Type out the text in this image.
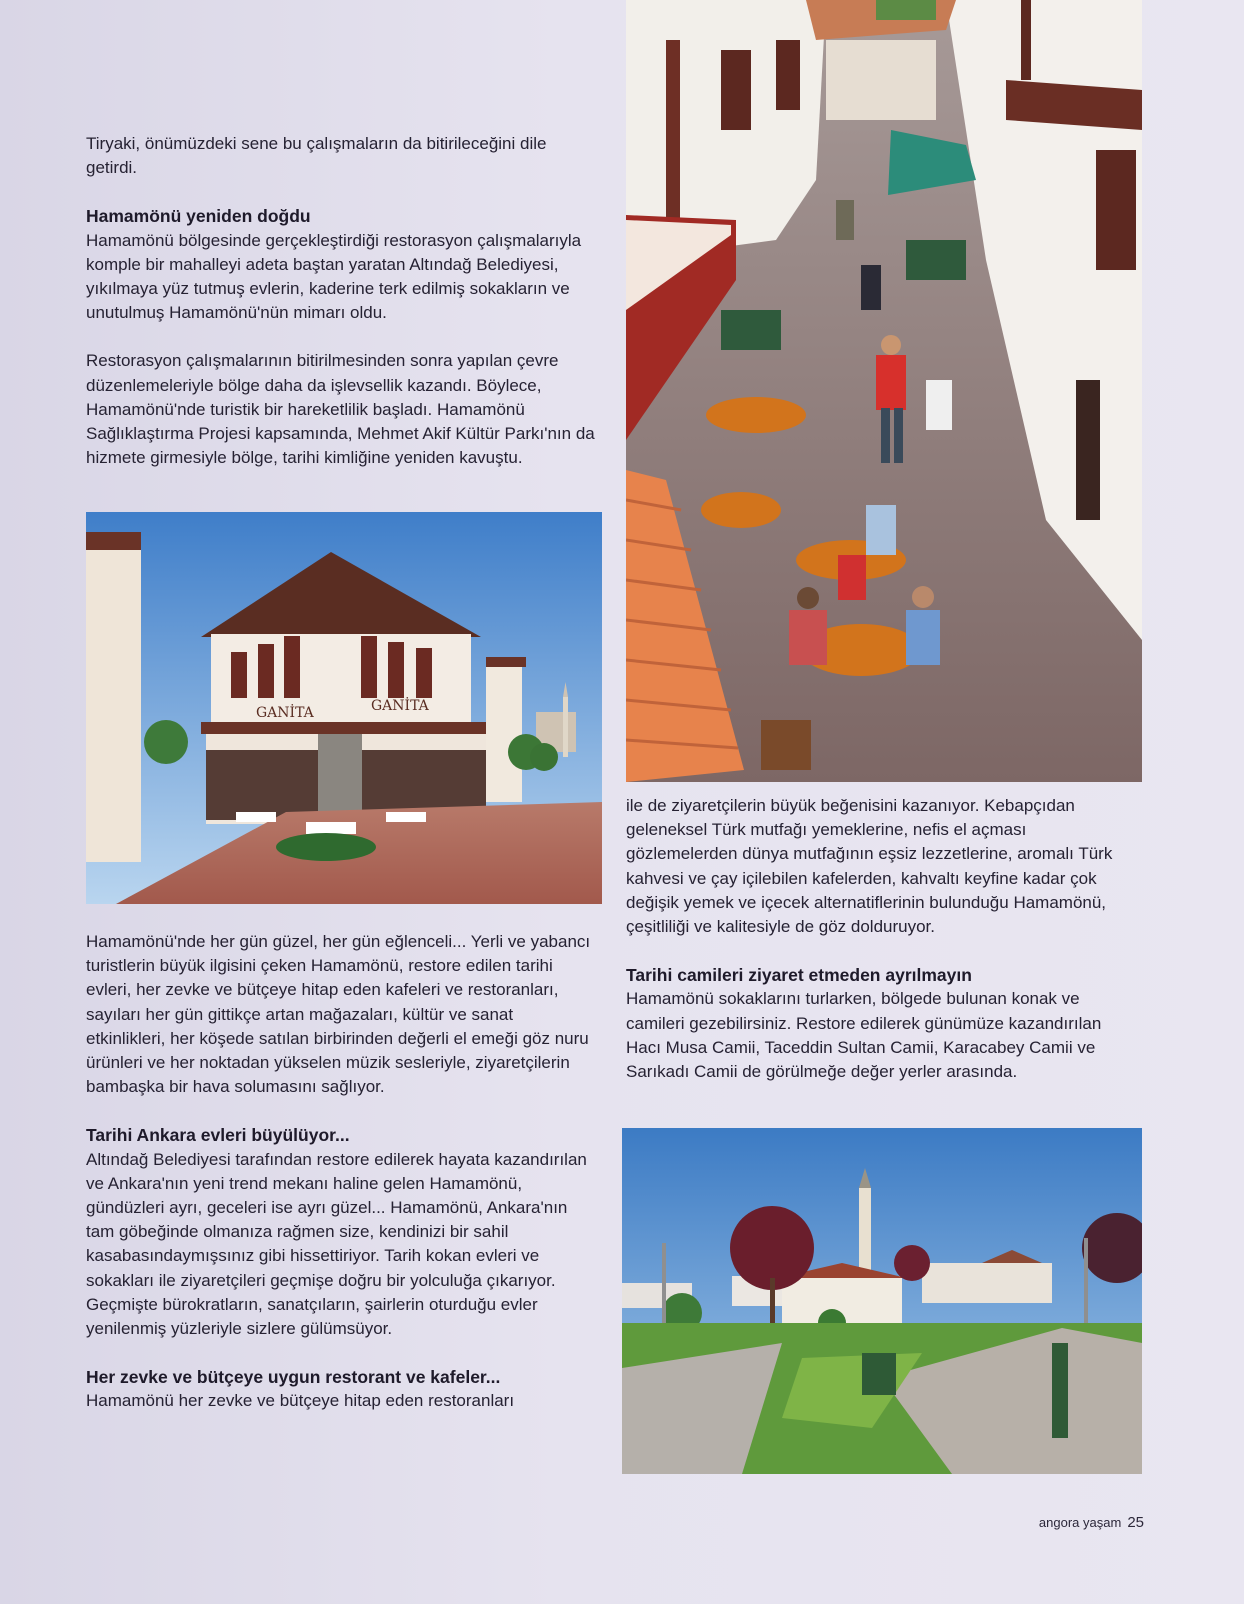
Tiryaki, önümüzdeki sene bu çalışmaların da bitirileceğini dile getirdi.

Hamamönü yeniden doğdu

Hamamönü bölgesinde gerçekleştirdiği restorasyon çalışmalarıyla komple bir mahalleyi adeta baştan yaratan Altındağ Belediyesi, yıkılmaya yüz tutmuş evlerin, kaderine terk edilmiş sokakların ve unutulmuş Hamamönü'nün mimarı oldu.

Restorasyon çalışmalarının bitirilmesinden sonra yapılan çevre düzenlemeleriyle bölge daha da işlevsellik kazandı. Böylece, Hamamönü'nde turistik bir hareketlilik başladı. Hamamönü Sağlıklaştırma Projesi kapsamında, Mehmet Akif Kültür Parkı'nın da hizmete girmesiyle bölge, tarihi kimliğine yeniden kavuştu.

GANİTA	GANİTA

Hamamönü'nde her gün güzel, her gün eğlenceli... Yerli ve yabancı turistlerin büyük ilgisini çeken Hamamönü, restore edilen tarihi evleri, her zevke ve bütçeye hitap eden kafeleri ve restoranları, sayıları her gün gittikçe artan mağazaları, kültür ve sanat etkinlikleri, her köşede satılan birbirinden değerli el emeği göz nuru ürünleri ve her noktadan yükselen müzik sesleriyle, ziyaretçilerin bambaşka bir hava solumasını sağlıyor.

Tarihi Ankara evleri büyülüyor...

Altındağ Belediyesi tarafından restore edilerek hayata kazandırılan ve Ankara'nın yeni trend mekanı haline gelen Hamamönü, gündüzleri ayrı, geceleri ise ayrı güzel... Hamamönü, Ankara'nın tam göbeğinde olmanıza rağmen size, kendinizi bir sahil kasabasındaymışsınız gibi hissettiriyor. Tarih kokan evleri ve sokakları ile ziyaretçileri geçmişe doğru bir yolculuğa çıkarıyor. Geçmişte bürokratların, sanatçıların, şairlerin oturduğu evler yenilenmiş yüzleriyle sizlere gülümsüyor.

Her zevke ve bütçeye uygun restorant ve kafeler...

Hamamönü her zevke ve bütçeye hitap eden restoranları

ile de ziyaretçilerin büyük beğenisini kazanıyor. Kebapçıdan geleneksel Türk mutfağı yemeklerine, nefis el açması gözlemelerden dünya mutfağının eşsiz lezzetlerine, aromalı Türk kahvesi ve çay içilebilen kafelerden, kahvaltı keyfine kadar çok değişik yemek ve içecek alternatiflerinin bulunduğu Hamamönü, çeşitliliği ve kalitesiyle de göz dolduruyor.

Tarihi camileri ziyaret etmeden ayrılmayın

Hamamönü sokaklarını turlarken, bölgede bulunan konak ve camileri gezebilirsiniz. Restore edilerek günümüze kazandırılan Hacı Musa Camii, Taceddin Sultan Camii, Karacabey Camii ve Sarıkadı Camii de görülmeğe değer yerler arasında.

angora yaşam 25
